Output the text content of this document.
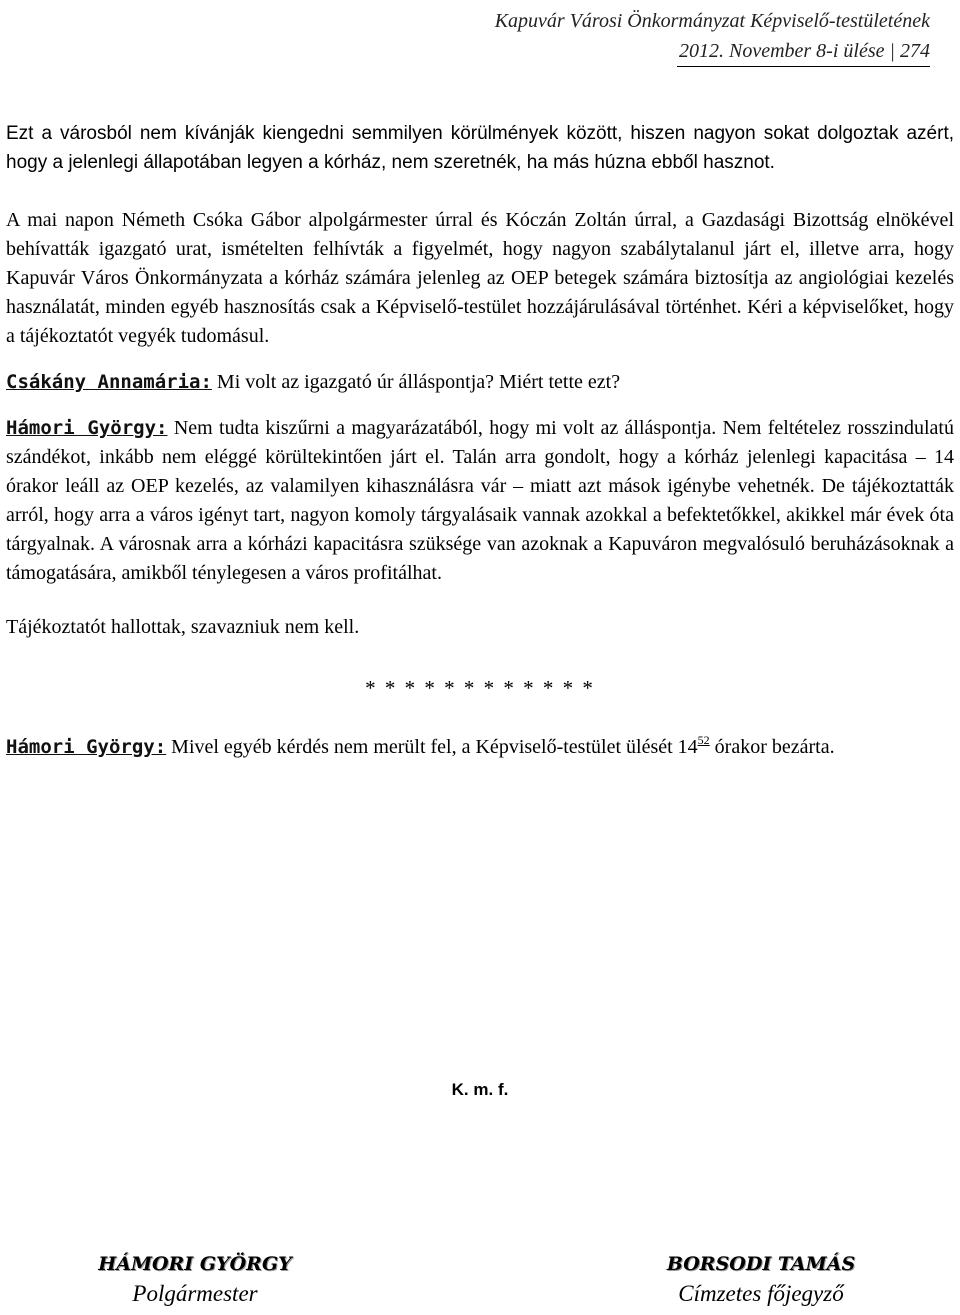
Kapuvár Városi Önkormányzat Képviselő-testületének
2012. November 8-i ülése | 274

Ezt a városból nem kívánják kiengedni semmilyen körülmények között, hiszen nagyon sokat dolgoztak azért, hogy a jelenlegi állapotában legyen a kórház, nem szeretnék, ha más húzna ebből hasznot.

A mai napon Németh Csóka Gábor alpolgármester úrral és Kóczán Zoltán úrral, a Gazdasági Bizottság elnökével behívatták igazgató urat, ismételten felhívták a figyelmét, hogy nagyon szabálytalanul járt el, illetve arra, hogy Kapuvár Város Önkormányzata a kórház számára jelenleg az OEP betegek számára biztosítja az angiológiai kezelés használatát, minden egyéb hasznosítás csak a Képviselő-testület hozzájárulásával történhet. Kéri a képviselőket, hogy a tájékoztatót vegyék tudomásul.

Csákány Annamária: Mi volt az igazgató úr álláspontja? Miért tette ezt?

Hámori György: Nem tudta kiszűrni a magyarázatából, hogy mi volt az álláspontja. Nem feltételez rosszindulatú szándékot, inkább nem eléggé körültekintően járt el. Talán arra gondolt, hogy a kórház jelenlegi kapacitása – 14 órakor leáll az OEP kezelés, az valamilyen kihasználásra vár – miatt azt mások igénybe vehetnék. De tájékoztatták arról, hogy arra a város igényt tart, nagyon komoly tárgyalásaik vannak azokkal a befektetőkkel, akikkel már évek óta tárgyalnak. A városnak arra a kórházi kapacitásra szüksége van azoknak a Kapuváron megvalósuló beruházásoknak a támogatására, amikből ténylegesen a város profitálhat.

Tájékoztatót hallottak, szavazniuk nem kell.

* * * * * * * * * * * *

Hámori György: Mivel egyéb kérdés nem merült fel, a Képviselő-testület ülését $14^{52}$ órakor bezárta.

K. m. f.
HÁMORI GYÖRGY
Polgármester
BORSODI TAMÁS
Címzetes főjegyző
